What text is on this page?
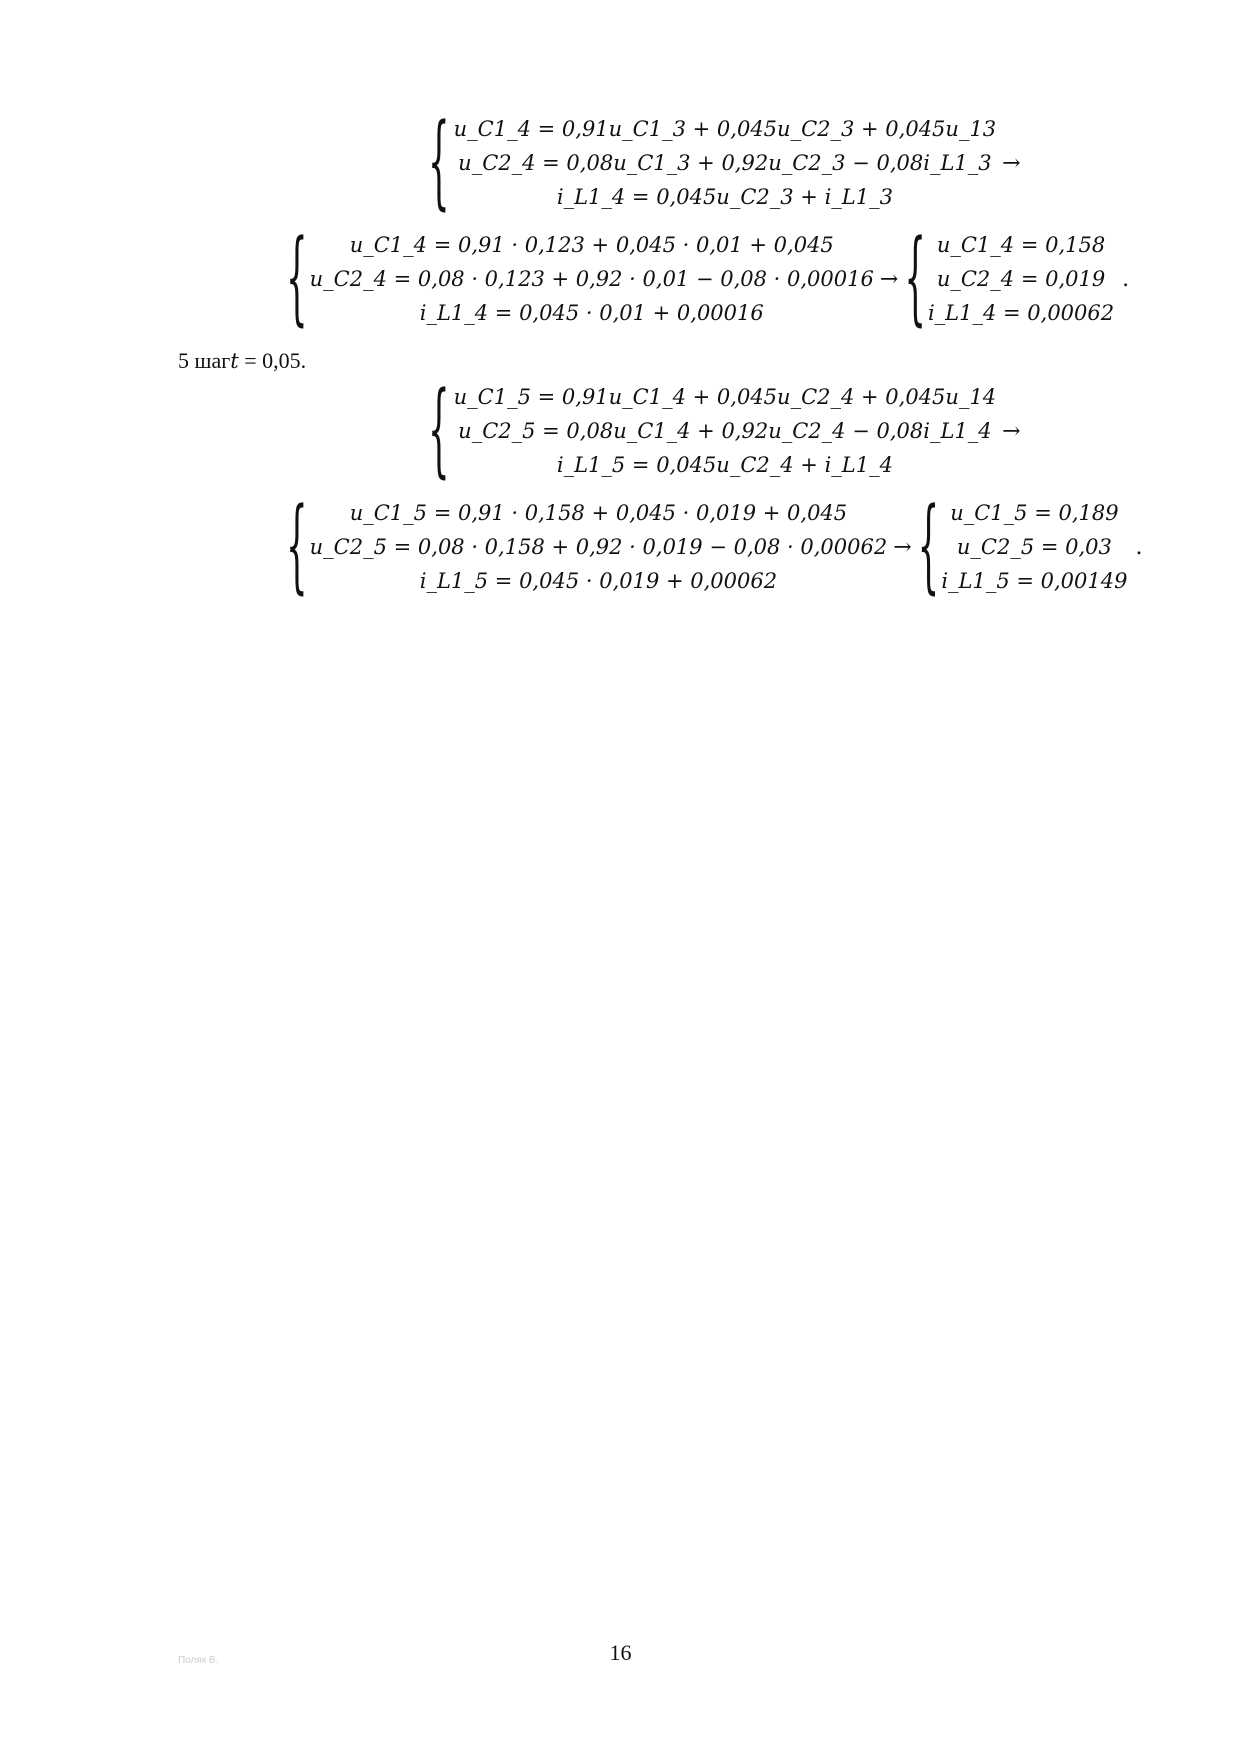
{ u_C1_4 = 0,91u_C1_3 + 0,045u_C2_3 + 0,045u_13
u_C2_4 = 0,08u_C1_3 + 0,92u_C2_3 − 0,08i_L1_3
i_L1_4 = 0,045u_C2_3 + i_L1_3
→
{	u_C1_4 = 0,91 · 0,123 + 0,045 · 0,01 + 0,045
u_C2_4 = 0,08 · 0,123 + 0,92 · 0,01 − 0,08 · 0,00016
i_L1_4 = 0,045 · 0,01 + 0,00016
→ { u_C1_4 = 0,158
u_C2_4 = 0,019
i_L1_4 = 0,00062
.
5 шагt = 0,05.
{ u_C1_5 = 0,91u_C1_4 + 0,045u_C2_4 + 0,045u_14
u_C2_5 = 0,08u_C1_4 + 0,92u_C2_4 − 0,08i_L1_4
i_L1_5 = 0,045u_C2_4 + i_L1_4
→
{	u_C1_5 = 0,91 · 0,158 + 0,045 · 0,019 + 0,045
u_C2_5 = 0,08 · 0,158 + 0,92 · 0,019 − 0,08 · 0,00062
i_L1_5 = 0,045 · 0,019 + 0,00062
→ { u_C1_5 = 0,189
u_C2_5 = 0,03
i_L1_5 = 0,00149
.
Поляк В.	16
